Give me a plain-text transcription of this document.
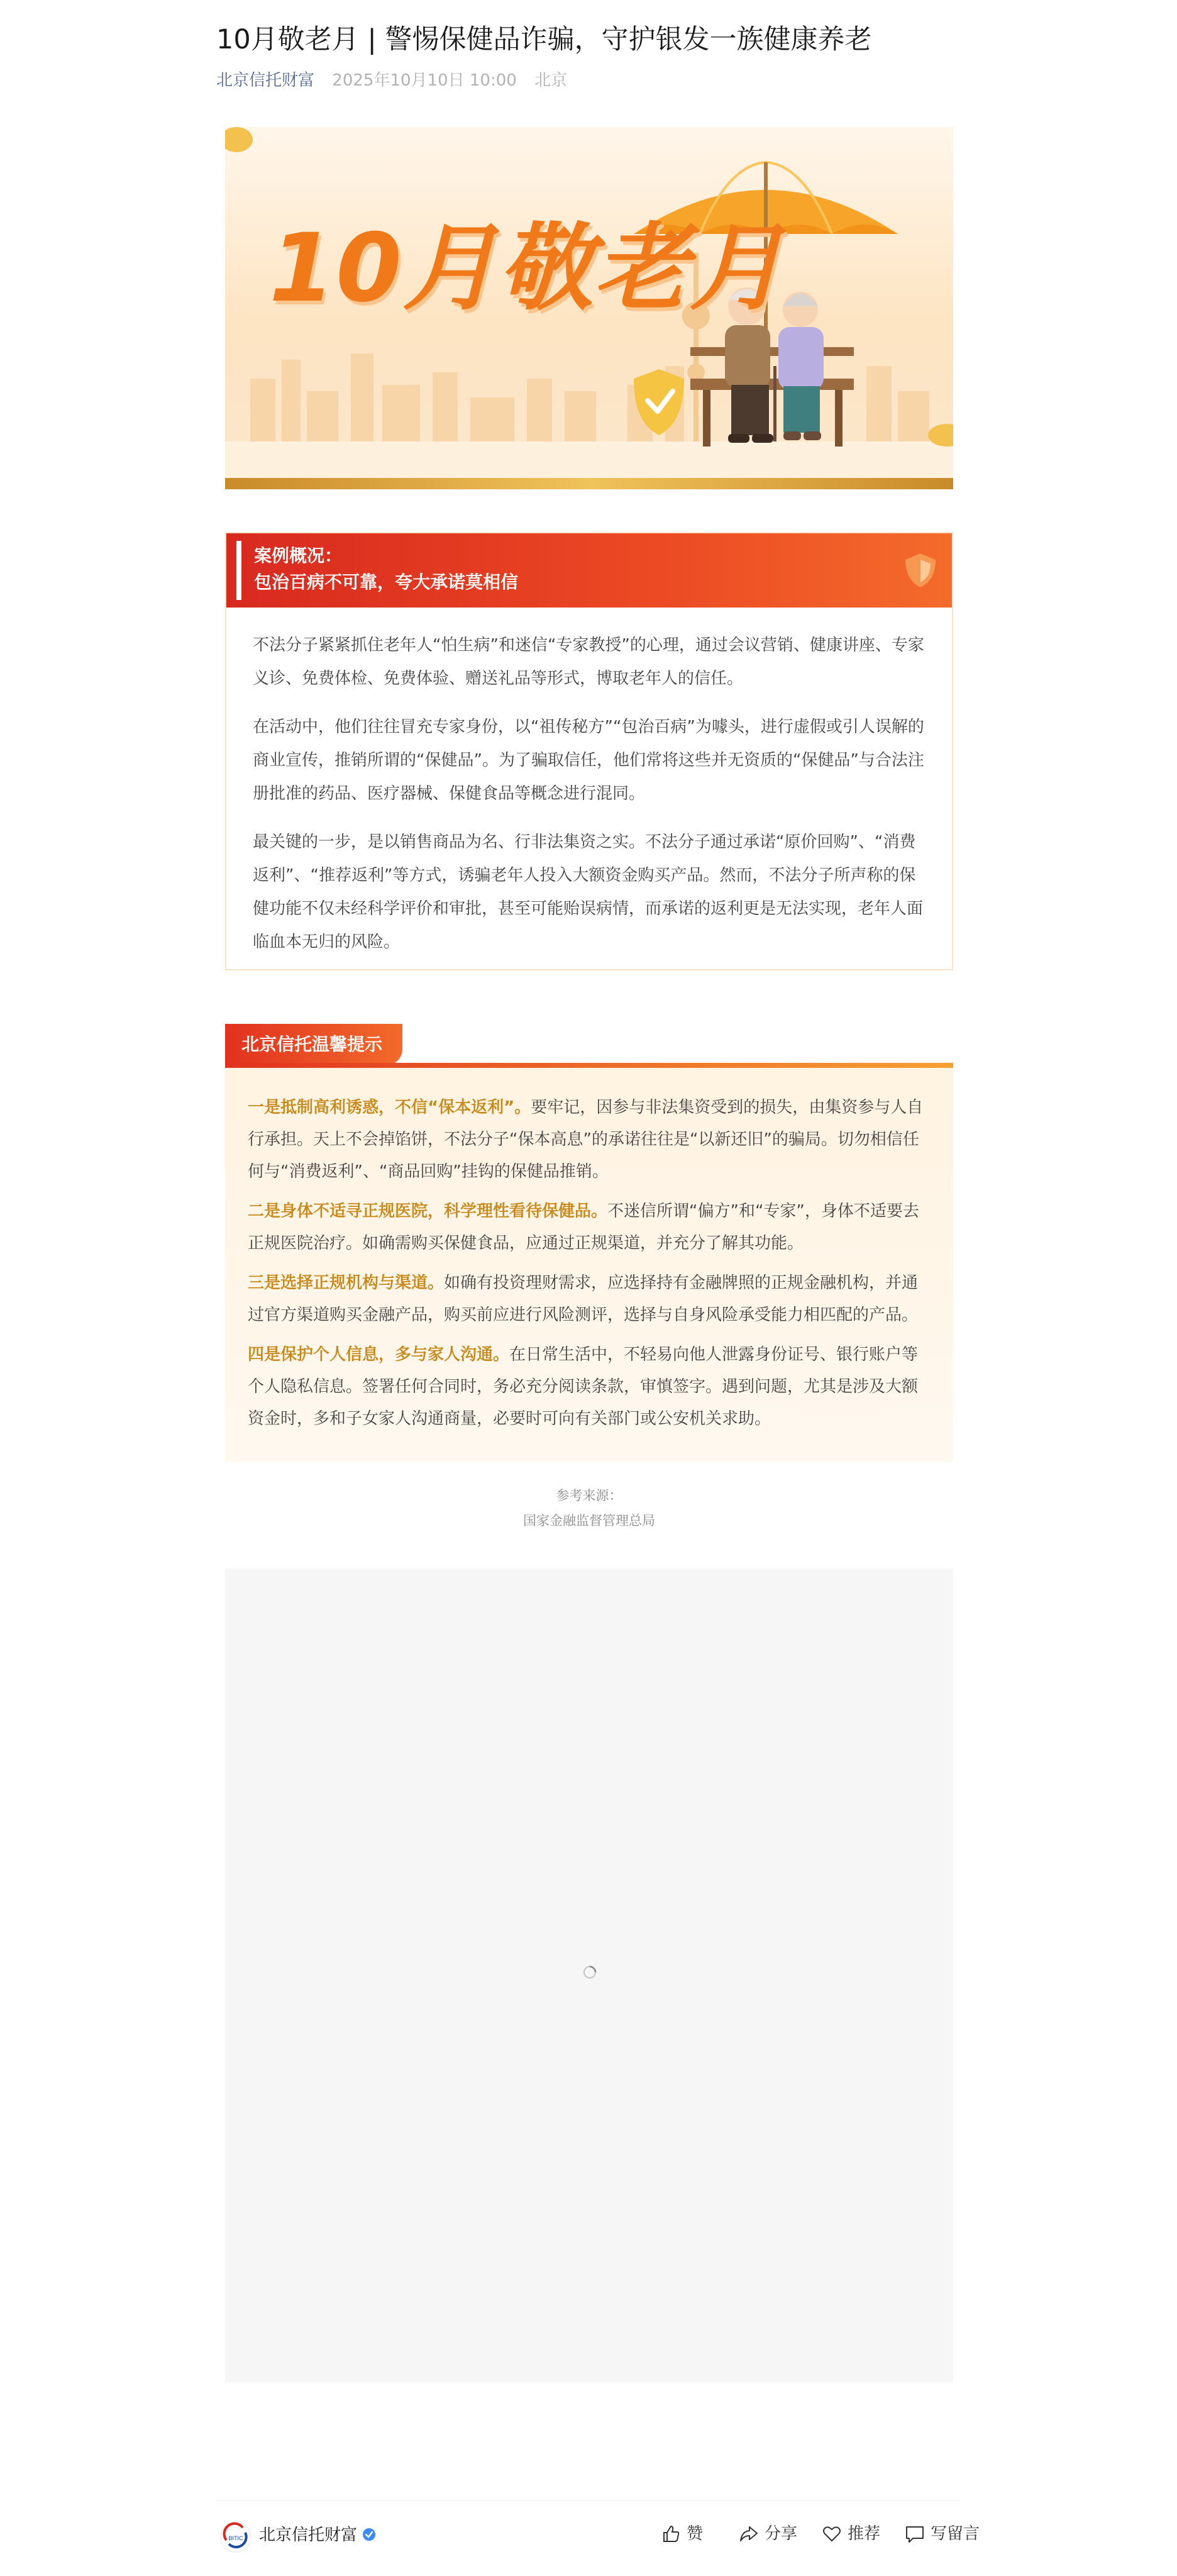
10月敬老月 | 警惕保健品诈骗，守护银发一族健康养老
北京信托财富 2025年10月10日 10:00 北京
10月敬老月
案例概况：
包治百病不可靠，夸大承诺莫相信

不法分子紧紧抓住老年人“怕生病”和迷信“专家教授”的心理，通过会议营销、健康讲座、专家义诊、免费体检、免费体验、赠送礼品等形式，博取老年人的信任。

在活动中，他们往往冒充专家身份，以“祖传秘方”“包治百病”为噱头，进行虚假或引人误解的商业宣传，推销所谓的“保健品”。为了骗取信任，他们常将这些并无资质的“保健品”与合法注册批准的药品、医疗器械、保健食品等概念进行混同。

最关键的一步，是以销售商品为名、行非法集资之实。不法分子通过承诺“原价回购”、“消费返利”、“推荐返利”等方式，诱骗老年人投入大额资金购买产品。然而，不法分子所声称的保健功能不仅未经科学评价和审批，甚至可能贻误病情，而承诺的返利更是无法实现，老年人面临血本无归的风险。

北京信托温馨提示

一是抵制高利诱惑，不信“保本返利”。要牢记，因参与非法集资受到的损失，由集资参与人自行承担。天上不会掉馅饼，不法分子“保本高息”的承诺往往是“以新还旧”的骗局。切勿相信任何与“消费返利”、“商品回购”挂钩的保健品推销。

二是身体不适寻正规医院，科学理性看待保健品。不迷信所谓“偏方”和“专家”，身体不适要去正规医院治疗。如确需购买保健食品，应通过正规渠道，并充分了解其功能。

三是选择正规机构与渠道。如确有投资理财需求，应选择持有金融牌照的正规金融机构，并通过官方渠道购买金融产品，购买前应进行风险测评，选择与自身风险承受能力相匹配的产品。

四是保护个人信息，多与家人沟通。在日常生活中，不轻易向他人泄露身份证号、银行账户等个人隐私信息。签署任何合同时，务必充分阅读条款，审慎签字。遇到问题，尤其是涉及大额资金时，多和子女家人沟通商量，必要时可向有关部门或公安机关求助。

参考来源：
国家金融监督管理总局
BITIC 北京信托财富	赞	分享	推荐	写留言
